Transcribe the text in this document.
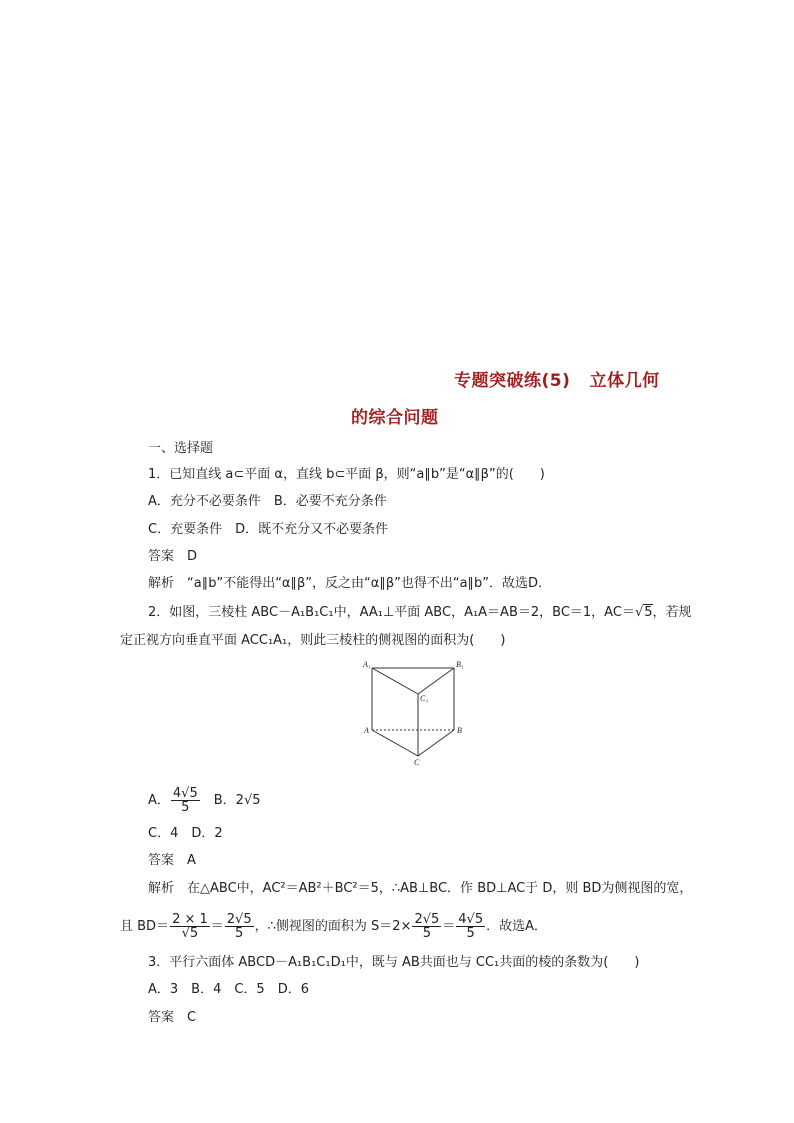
专题突破练(5)   立体几何
的综合问题
一、选择题
1．已知直线 a⊂平面 α，直线 b⊂平面 β，则“a∥b”是“α∥β”的(　　)
A．充分不必要条件　B．必要不充分条件
C．充要条件　D．既不充分又不必要条件
答案　D
解析　“a∥b”不能得出“α∥β”，反之由“α∥β”也得不出“a∥b”．故选D．
2．如图，三棱柱 ABC－A₁B₁C₁中，AA₁⊥平面 ABC，A₁A＝AB＝2，BC＝1，AC＝√5，若规
定正视方向垂直平面 ACC₁A₁，则此三棱柱的侧视图的面积为(　　)
A₁	B₁
C₁
A	B
C
A． $\frac{4√5}{5}$
　 B．2√5
C．4　D．2
答案　A
解析　在△ABC中，AC²＝AB²＋BC²＝5，∴AB⊥BC．作 BD⊥AC于 D，则 BD为侧视图的宽，
且 $BD= \frac{2 \times 1}{√5} = \frac{2√5}{5}$ ，∴侧视图的面积为 $S=2\times \frac{2√5}{5} = \frac{4√5}{5}$ ．故选A．
3．平行六面体 ABCD－A₁B₁C₁D₁中，既与 AB共面也与 CC₁共面的棱的条数为(　　)
A．3　B．4　C．5　D．6
答案　C
